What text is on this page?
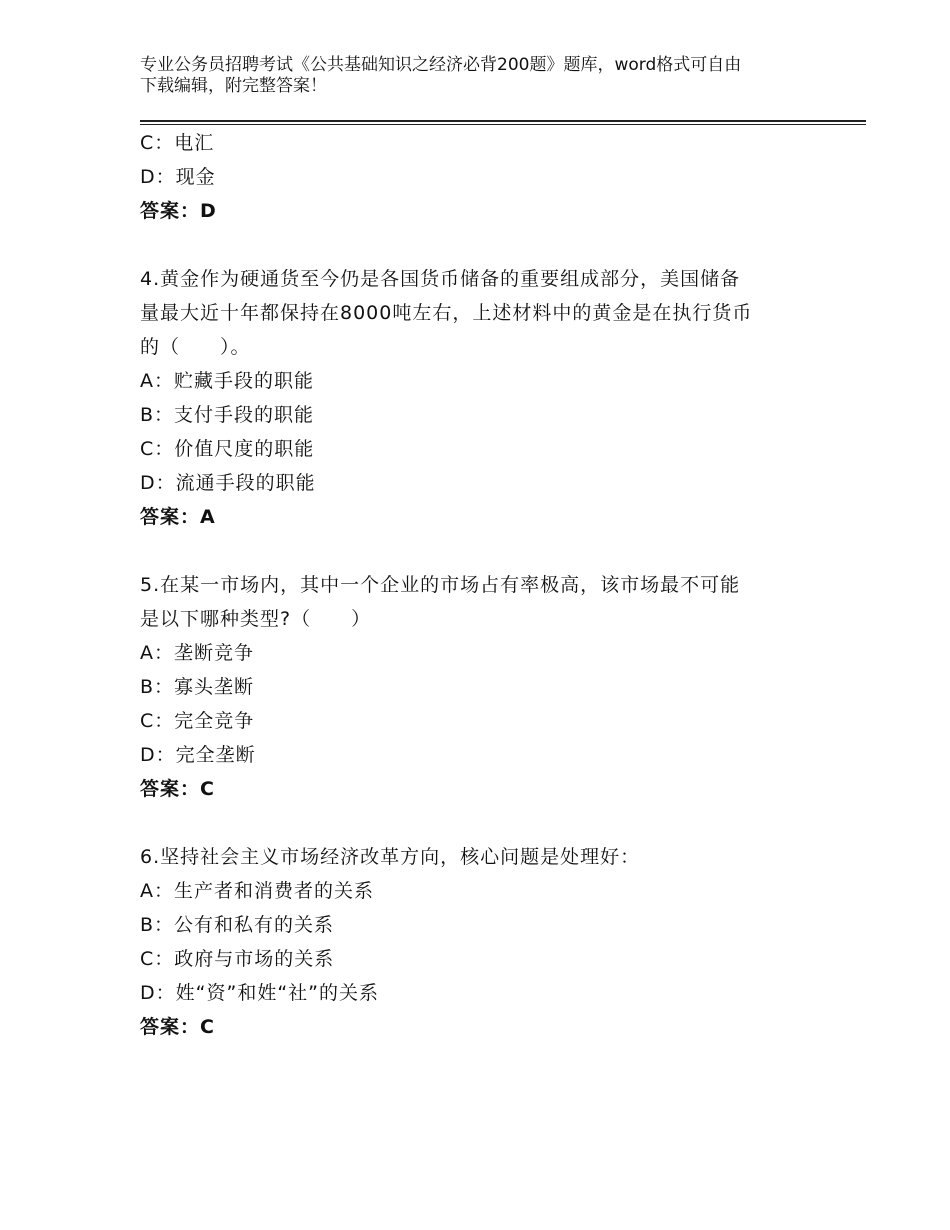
专业公务员招聘考试《公共基础知识之经济必背200题》题库，word格式可自由
下载编辑，附完整答案！
C：电汇
D：现金
答案：D
4.黄金作为硬通货至今仍是各国货币储备的重要组成部分，美国储备
量最大近十年都保持在8000吨左右，上述材料中的黄金是在执行货币
的（　　）。
A：贮藏手段的职能
B：支付手段的职能
C：价值尺度的职能
D：流通手段的职能
答案：A
5.在某一市场内，其中一个企业的市场占有率极高，该市场最不可能
是以下哪种类型?（　　）
A：垄断竞争
B：寡头垄断
C：完全竞争
D：完全垄断
答案：C
6.坚持社会主义市场经济改革方向，核心问题是处理好：
A：生产者和消费者的关系
B：公有和私有的关系
C：政府与市场的关系
D：姓“资”和姓“社”的关系
答案：C
